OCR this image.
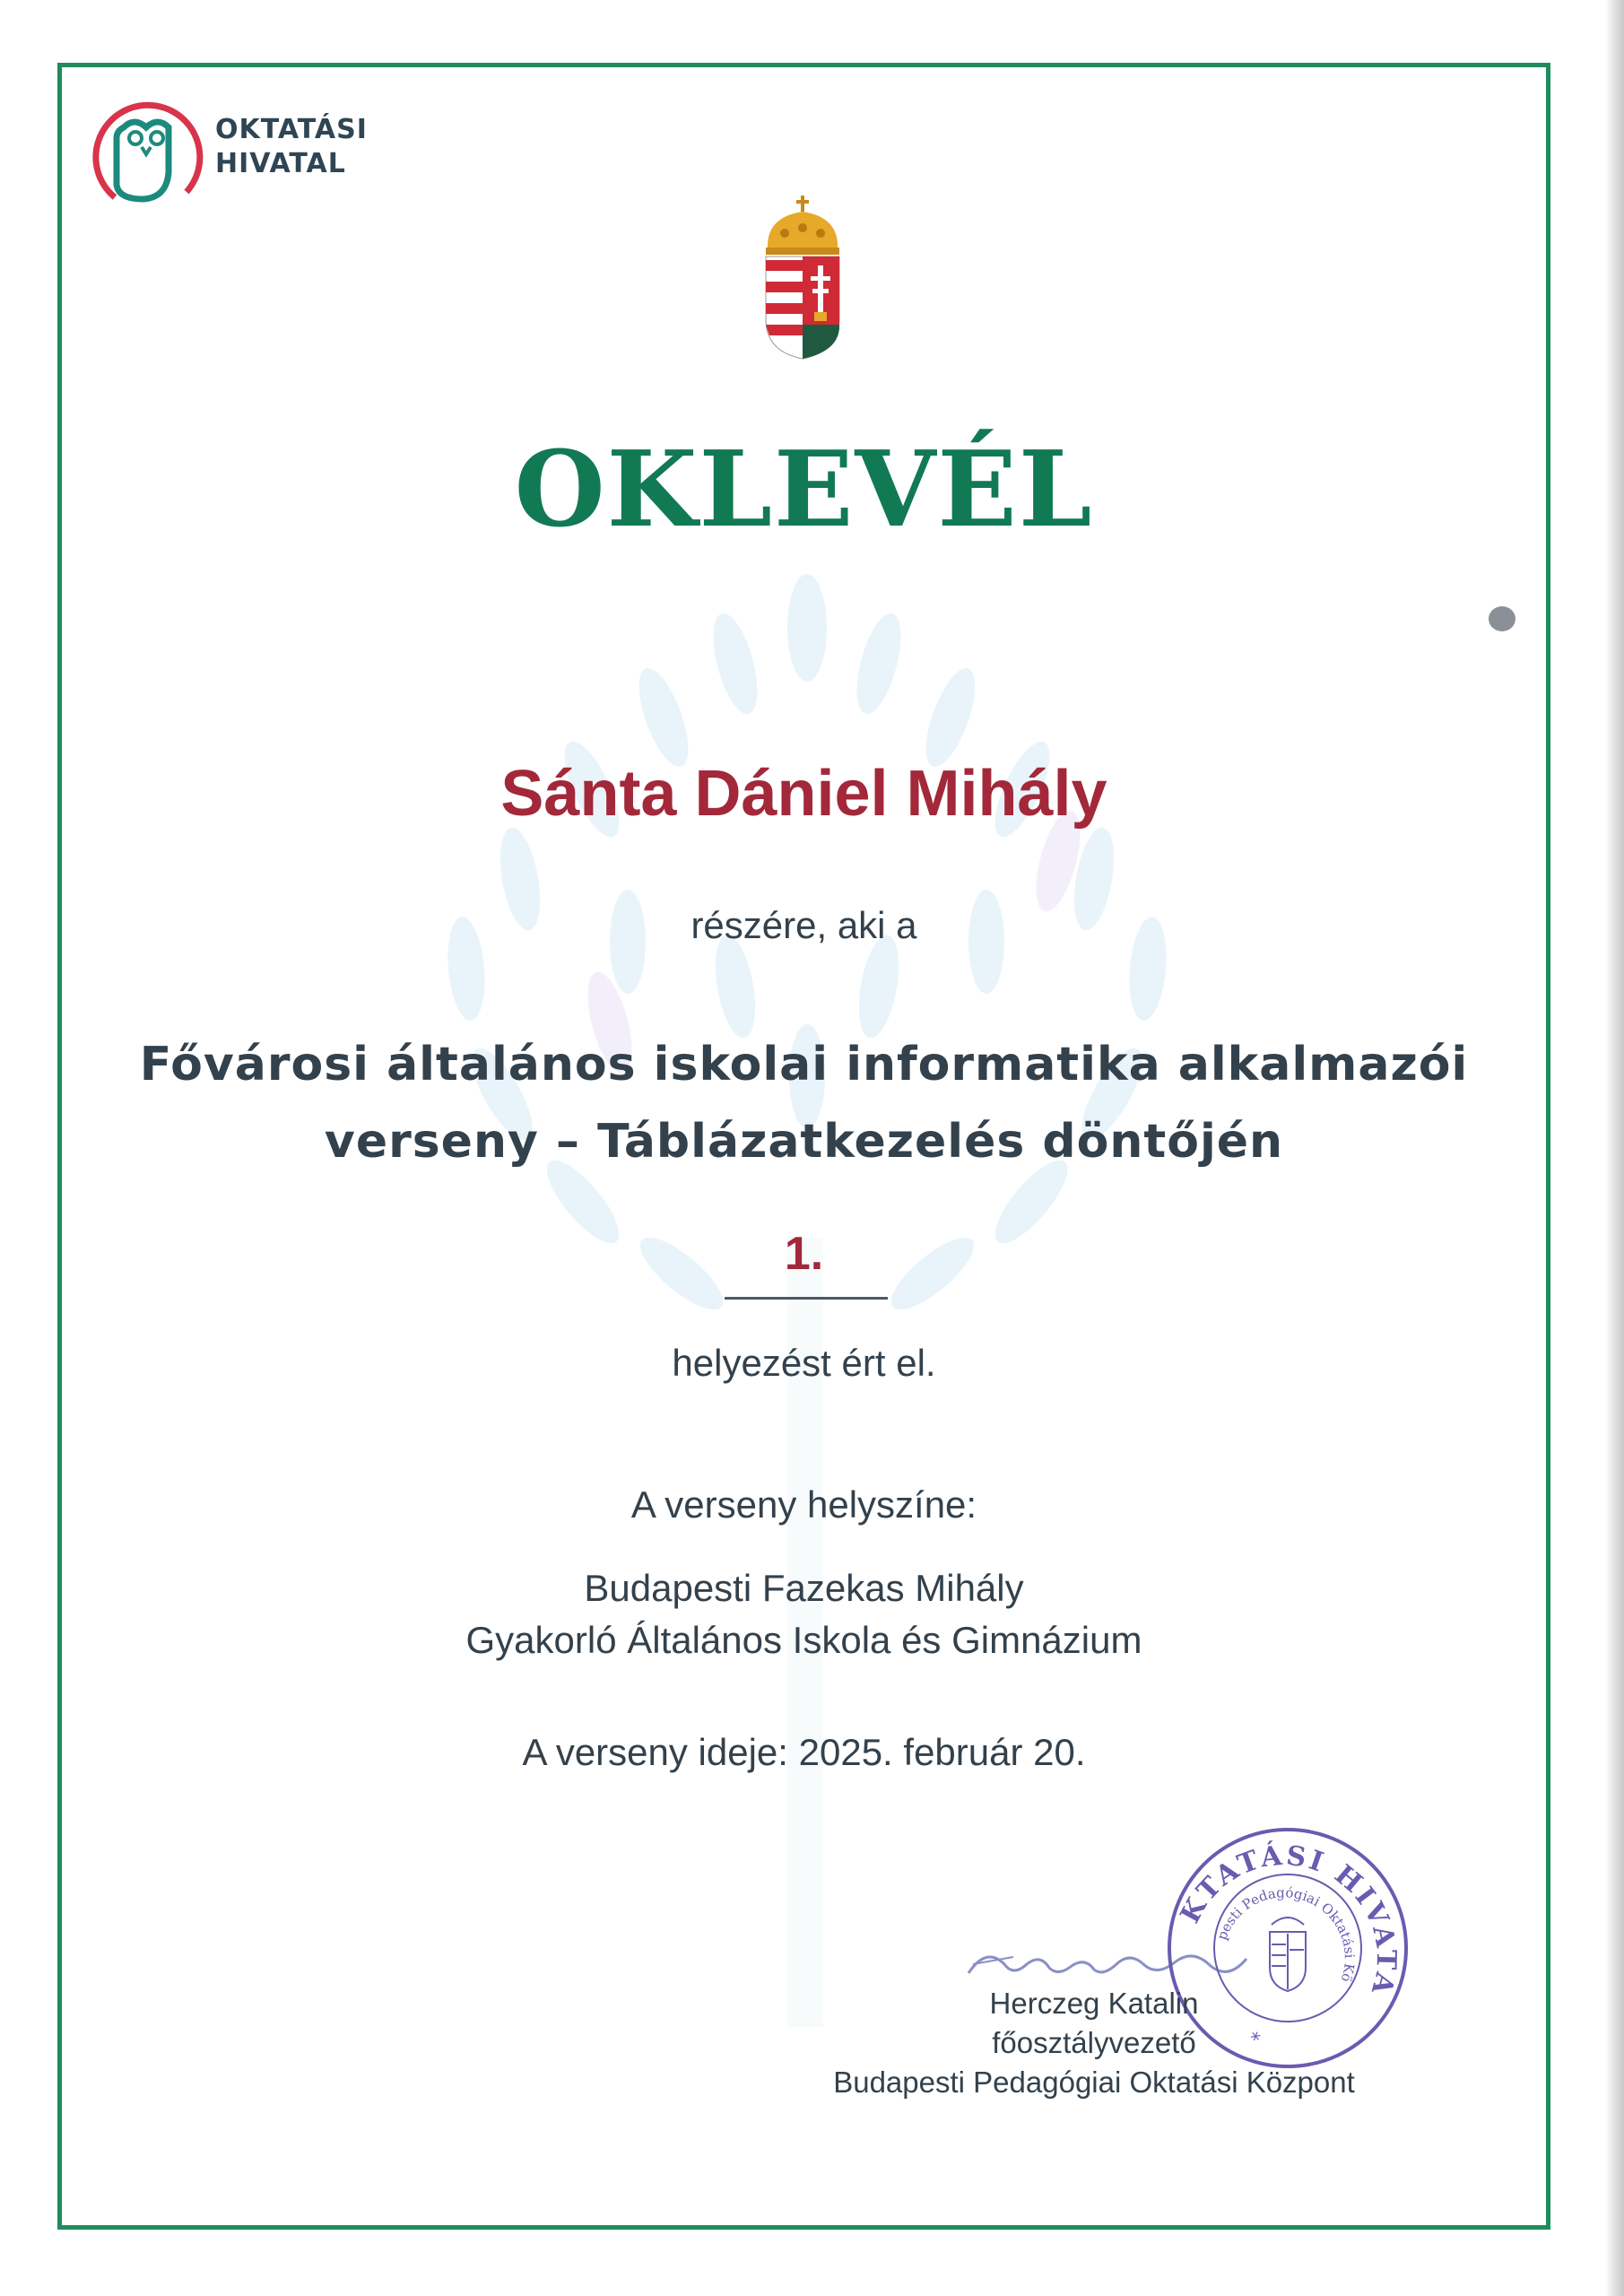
OKTATÁSI
HIVATAL
OKLEVÉL
Sánta Dániel Mihály
részére, aki a
Fővárosi általános iskolai informatika alkalmazói
verseny – Táblázatkezelés döntőjén
1.
helyezést ért el.
A verseny helyszíne:
Budapesti Fazekas Mihály
Gyakorló Általános Iskola és Gimnázium
A verseny ideje: 2025. február 20.
OKTATÁSI HIVATAL
Budapesti Pedagógiai Oktatási Központ
*
Herczeg Katalin
főosztályvezető
Budapesti Pedagógiai Oktatási Központ
